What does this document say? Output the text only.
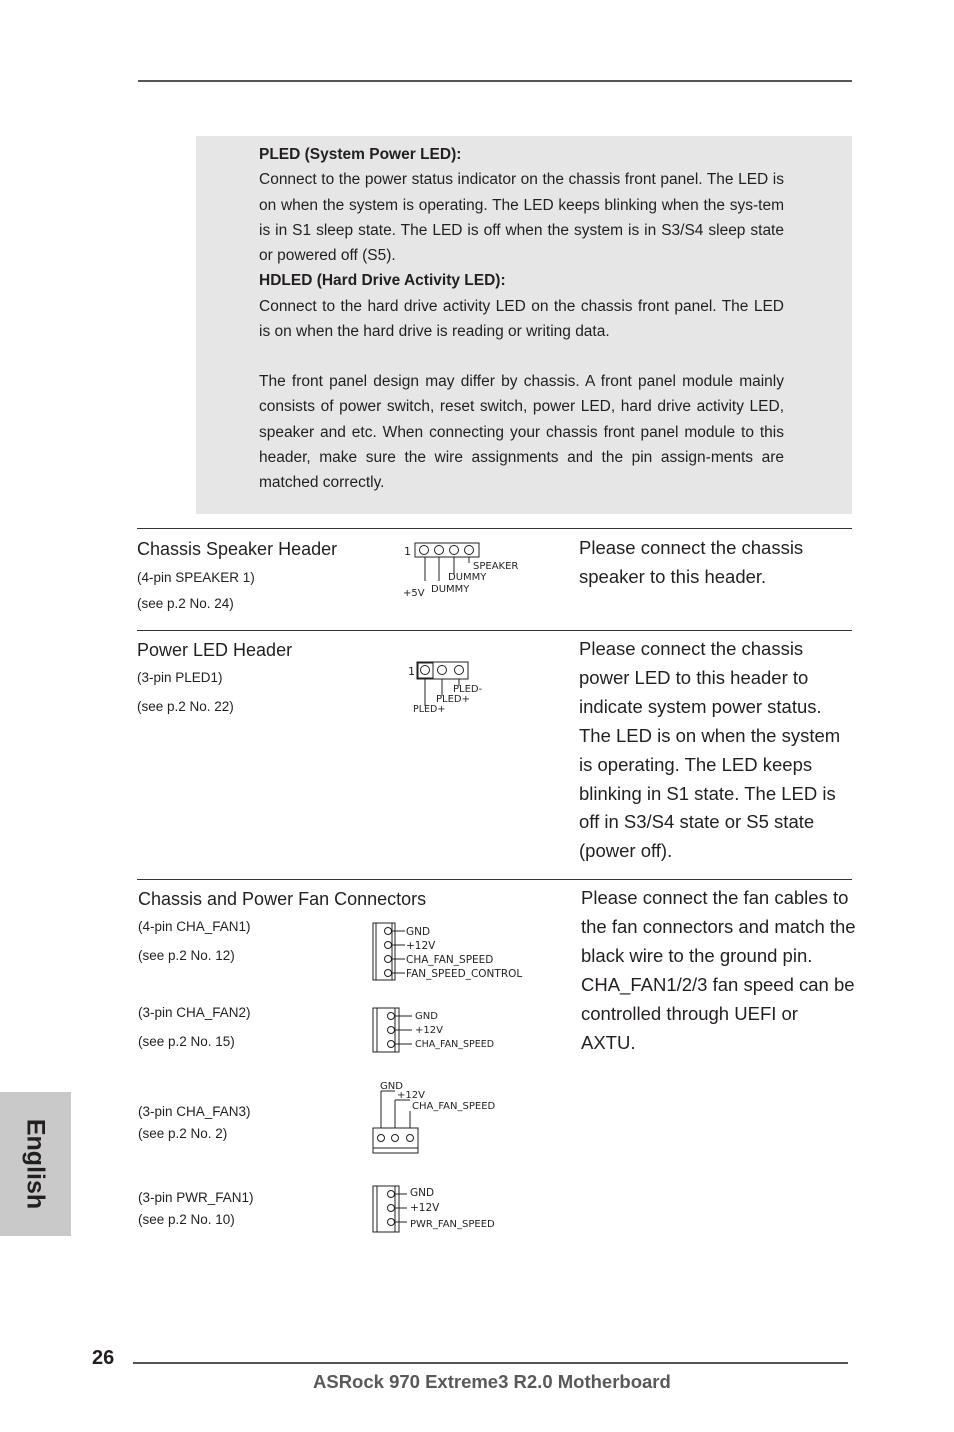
PLED (System Power LED):
Connect to the power status indicator on the chassis front panel. The LED is on when the system is operating. The LED keeps blinking when the sys-tem is in S1 sleep state. The LED is off when the system is in S3/S4 sleep state or powered off (S5).
HDLED (Hard Drive Activity LED):
Connect to the hard drive activity LED on the chassis front panel. The LED is on when the hard drive is reading or writing data.

The front panel design may differ by chassis. A front panel module mainly consists of power switch, reset switch, power LED, hard drive activity LED, speaker and etc. When connecting your chassis front panel module to this header, make sure the wire assignments and the pin assign-ments are matched correctly.

Chassis Speaker Header
(4-pin SPEAKER 1)
(see p.2 No. 24)
1
SPEAKER
DUMMY
+5V DUMMY

Please connect the chassis speaker to this header.

Power LED Header
(3-pin PLED1)
(see p.2 No. 22)
1
PLED-
PLED+
PLED+

Please connect the chassis power LED to this header to indicate system power status. The LED is on when the system is operating. The LED keeps blinking in S1 state. The LED is off in S3/S4 state or S5 state (power off).

Chassis and Power Fan Connectors	Please connect the fan cables to the fan connectors and match the black wire to the ground pin. CHA_FAN1/2/3 fan speed can be controlled through UEFI or AXTU.

(4-pin CHA_FAN1)
(see p.2 No. 12)
GND
+12V
CHA_FAN_SPEED
FAN_SPEED_CONTROL
(3-pin CHA_FAN2)
(see p.2 No. 15)
GND
+12V
CHA_FAN_SPEED
(3-pin CHA_FAN3)
(see p.2 No. 2)
GND
+12V
CHA_FAN_SPEED
(3-pin PWR_FAN1)
(see p.2 No. 10)
GND
+12V
PWR_FAN_SPEED
English
26
ASRock 970 Extreme3 R2.0 Motherboard
